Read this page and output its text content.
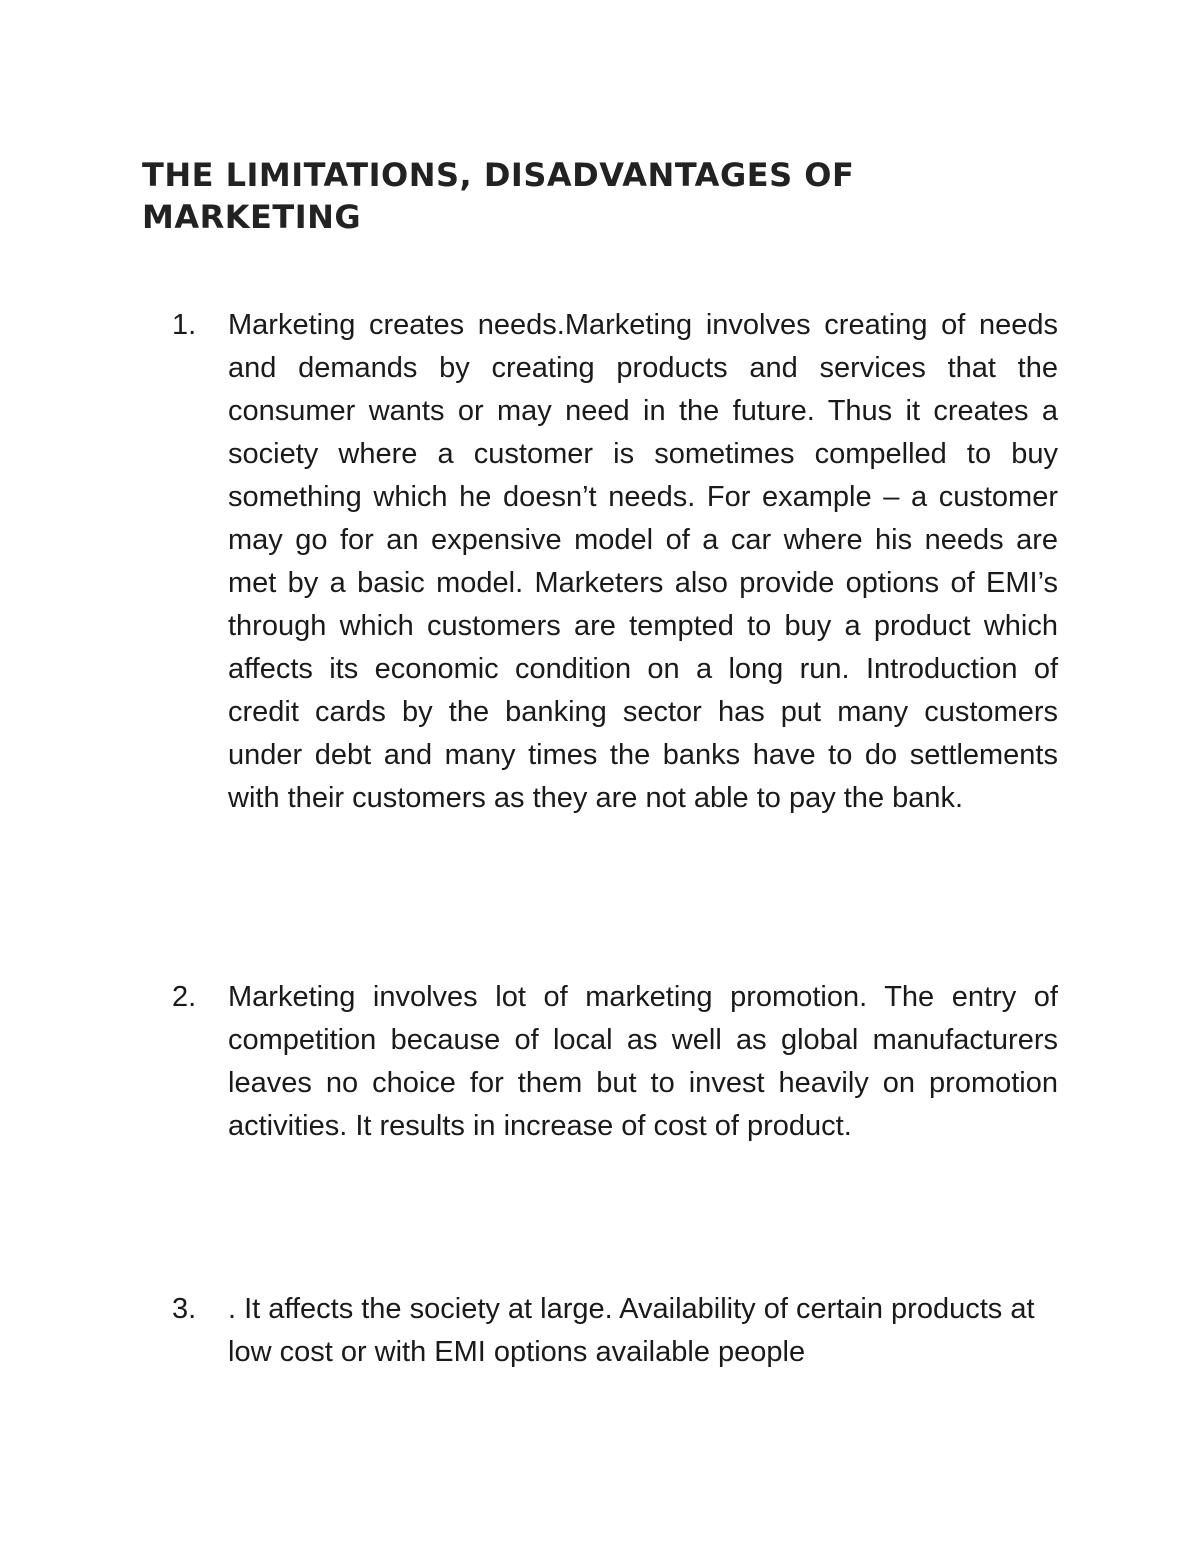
THE LIMITATIONS, DISADVANTAGES OF MARKETING
1.	Marketing creates needs.Marketing involves creating of needs and demands by creating products and services that the consumer wants or may need in the future. Thus it creates a society where a customer is sometimes compelled to buy something which he doesn’t needs. For example – a customer may go for an expensive model of a car where his needs are met by a basic model. Marketers also provide options of EMI’s through which customers are tempted to buy a product which affects its economic condition on a long run. Introduction of credit cards by the banking sector has put many customers under debt and many times the banks have to do settlements with their customers as they are not able to pay the bank.
2.	Marketing involves lot of marketing promotion. The entry of competition because of local as well as global manufacturers leaves no choice for them but to invest heavily on promotion activities. It results in increase of cost of product.
3.	. It affects the society at large. Availability of certain products at low cost or with EMI options available people
